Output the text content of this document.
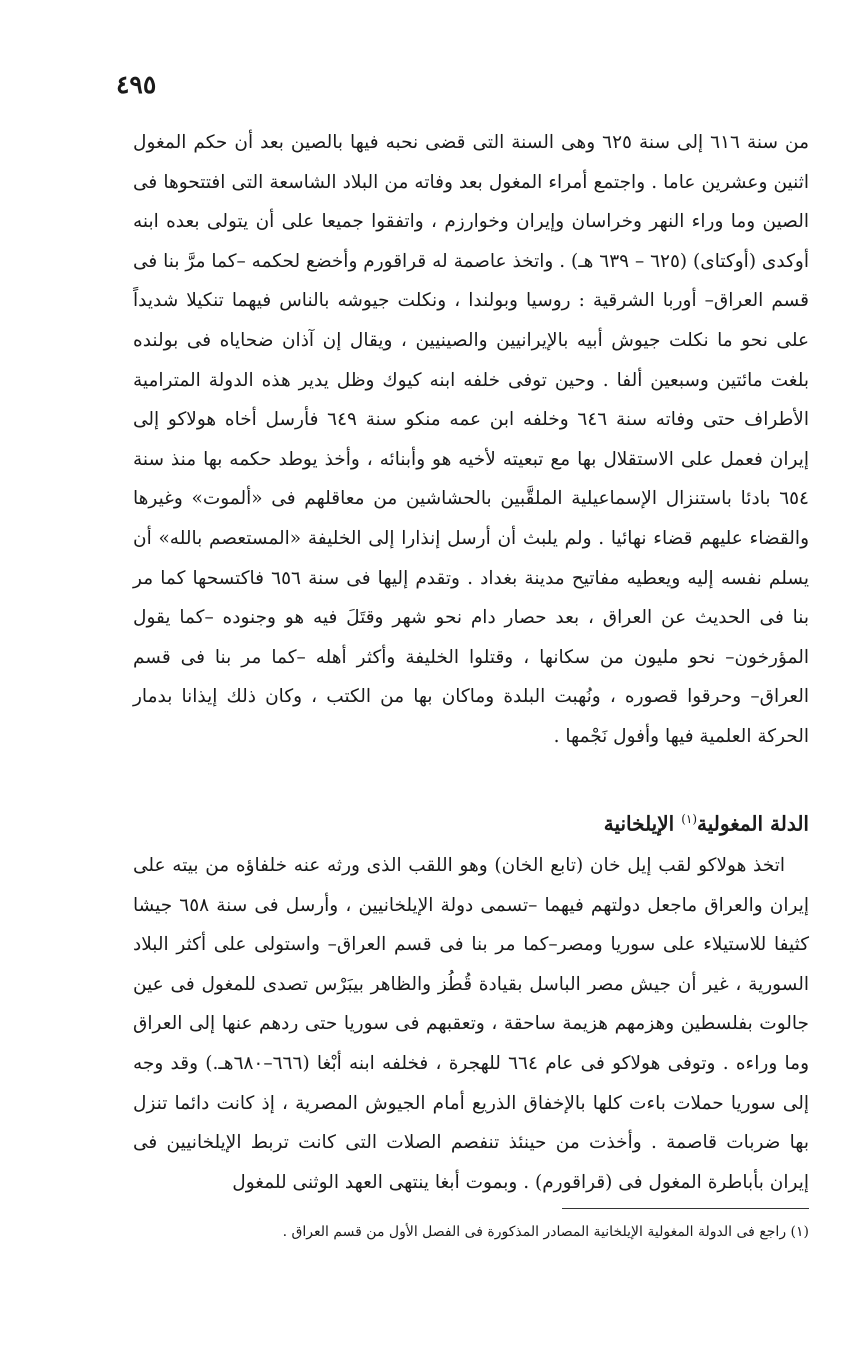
٤٩٥

من سنة ٦١٦ إلى سنة ٦٢٥ وهى السنة التى قضى نحبه فيها بالصين بعد أن حكم المغول اثنين وعشرين عاما . واجتمع أمراء المغول بعد وفاته من البلاد الشاسعة التى افتتحوها فى الصين وما وراء النهر وخراسان وإيران وخوارزم ، واتفقوا جميعا على أن يتولى بعده ابنه أوكدى (أوكتاى) (٦٢٥ – ٦٣٩ هـ) . واتخذ عاصمة له قراقورم وأخضع لحكمه –كما مرَّ بنا فى قسم العراق– أوربا الشرقية : روسيا وبولندا ، ونكلت جيوشه بالناس فيهما تنكيلا شديداً على نحو ما نكلت جيوش أبيه بالإيرانيين والصينيين ، ويقال إن آذان ضحاياه فى بولنده بلغت مائتين وسبعين ألفا . وحين توفى خلفه ابنه كيوك وظل يدير هذه الدولة المترامية الأطراف حتى وفاته سنة ٦٤٦ وخلفه ابن عمه منكو سنة ٦٤٩ فأرسل أخاه هولاكو إلى إيران فعمل على الاستقلال بها مع تبعيته لأخيه هو وأبنائه ، وأخذ يوطد حكمه بها منذ سنة ٦٥٤ بادئا باستنزال الإسماعيلية الملقَّبين بالحشاشين من معاقلهم فى «ألموت» وغيرها والقضاء عليهم قضاء نهائيا . ولم يلبث أن أرسل إنذارا إلى الخليفة «المستعصم بالله» أن يسلم نفسه إليه ويعطيه مفاتيح مدينة بغداد . وتقدم إليها فى سنة ٦٥٦ فاكتسحها كما مر بنا فى الحديث عن العراق ، بعد حصار دام نحو شهر وقتَلَ فيه هو وجنوده –كما يقول المؤرخون– نحو مليون من سكانها ، وقتلوا الخليفة وأكثر أهله –كما مر بنا فى قسم العراق– وحرقوا قصوره ، ونُهبت البلدة وماكان بها من الكتب ، وكان ذلك إيذانا بدمار الحركة العلمية فيها وأفول نَجْمها .

الدلة المغولية$^{(١)}$ الإيلخانية

اتخذ هولاكو لقب إيل خان (تابع الخان) وهو اللقب الذى ورثه عنه خلفاؤه من بيته على إيران والعراق ماجعل دولتهم فيهما –تسمى دولة الإيلخانيين ، وأرسل فى سنة ٦٥٨ جيشا كثيفا للاستيلاء على سوريا ومصر–كما مر بنا فى قسم العراق– واستولى على أكثر البلاد السورية ، غير أن جيش مصر الباسل بقيادة قُطُز والظاهر بيبَرْس تصدى للمغول فى عين جالوت بفلسطين وهزمهم هزيمة ساحقة ، وتعقبهم فى سوريا حتى ردهم عنها إلى العراق وما وراءه . وتوفى هولاكو فى عام ٦٦٤ للهجرة ، فخلفه ابنه أبْغا (٦٦٦–٦٨٠هـ.) وقد وجه إلى سوريا حملات باءت كلها بالإخفاق الذريع أمام الجيوش المصرية ، إذ كانت دائما تنزل بها ضربات قاصمة . وأخذت من حينئذ تنفصم الصلات التى كانت تربط الإيلخانيين فى إيران بأباطرة المغول فى (قراقورم) . وبموت أبغا ينتهى العهد الوثنى للمغول

(١) راجع فى الدولة المغولية الإيلخانية المصادر المذكورة فى الفصل الأول من قسم العراق .
